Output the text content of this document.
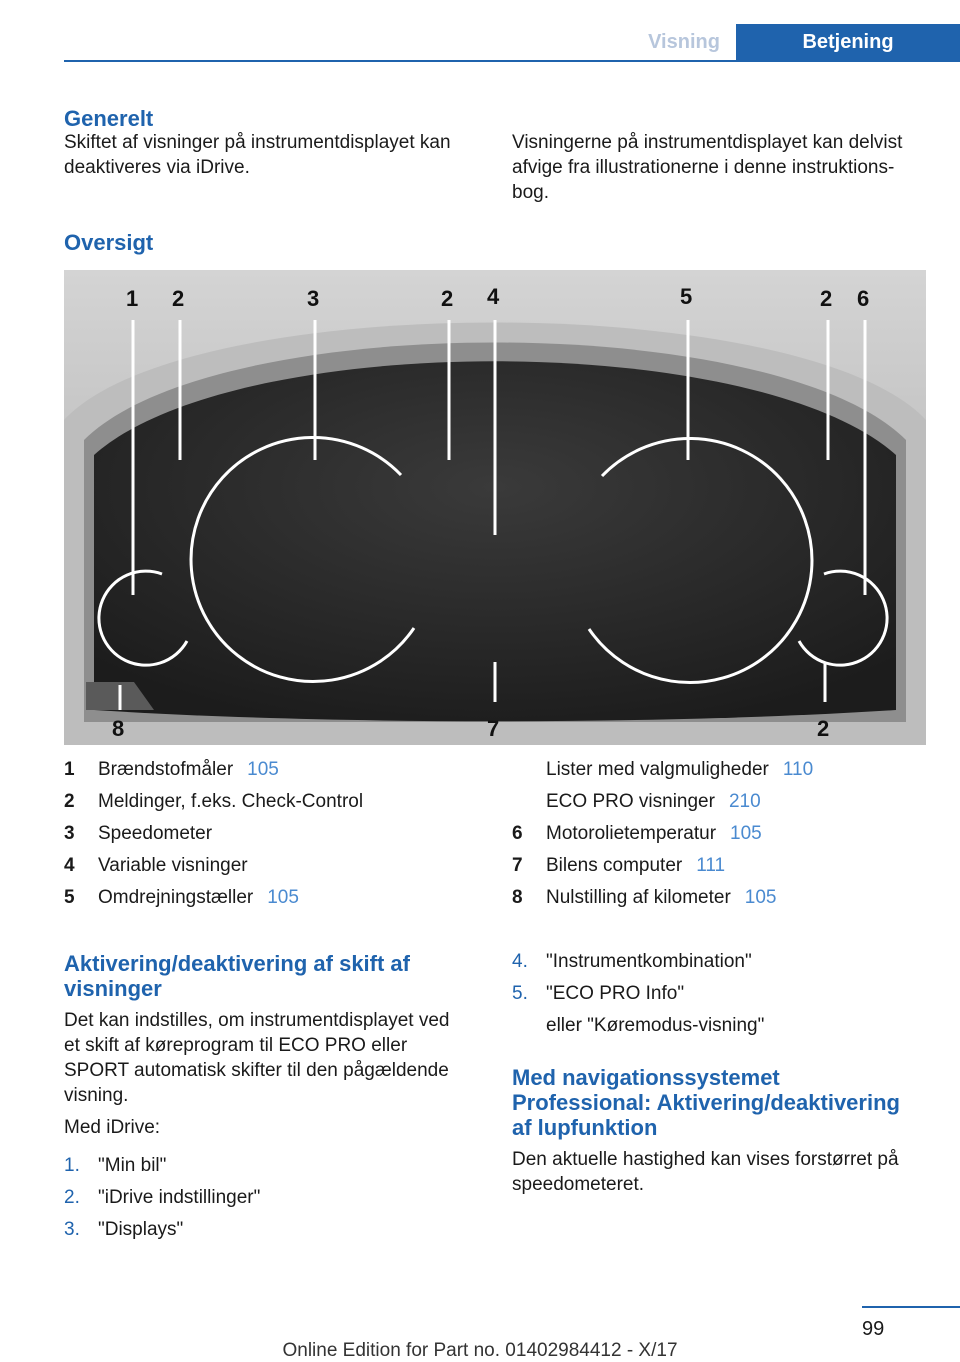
Visning	Betjening
Generelt
Skiftet af visninger på instrumentdisplayet kan
deaktiveres via iDrive.
Visningerne på instrumentdisplayet kan delvist
afvige fra illustrationerne i denne instruktions-
bog.
Oversigt
1 2	3	2 4	5	2 6
8	7	2
1 Brændstofmåler 105
2 Meldinger, f.eks. Check-Control
3 Speedometer
4 Variable visninger
5 Omdrejningstæller 105
Lister med valgmuligheder 110
ECO PRO visninger 210
6 Motorolietemperatur 105
7 Bilens computer 111
8 Nulstilling af kilometer 105
Aktivering/deaktivering af skift af
visninger
Det kan indstilles, om instrumentdisplayet ved
et skift af køreprogram til ECO PRO eller
SPORT automatisk skifter til den pågældende
visning.
Med iDrive:
1. "Min bil"
2. "iDrive indstillinger"
3. "Displays"
4. "Instrumentkombination"
5. "ECO PRO Info"
eller "Køremodus-visning"
Med navigationssystemet
Professional: Aktivering/deaktivering
af lupfunktion
Den aktuelle hastighed kan vises forstørret på
speedometeret.
99
Online Edition for Part no. 01402984412 - X/17
